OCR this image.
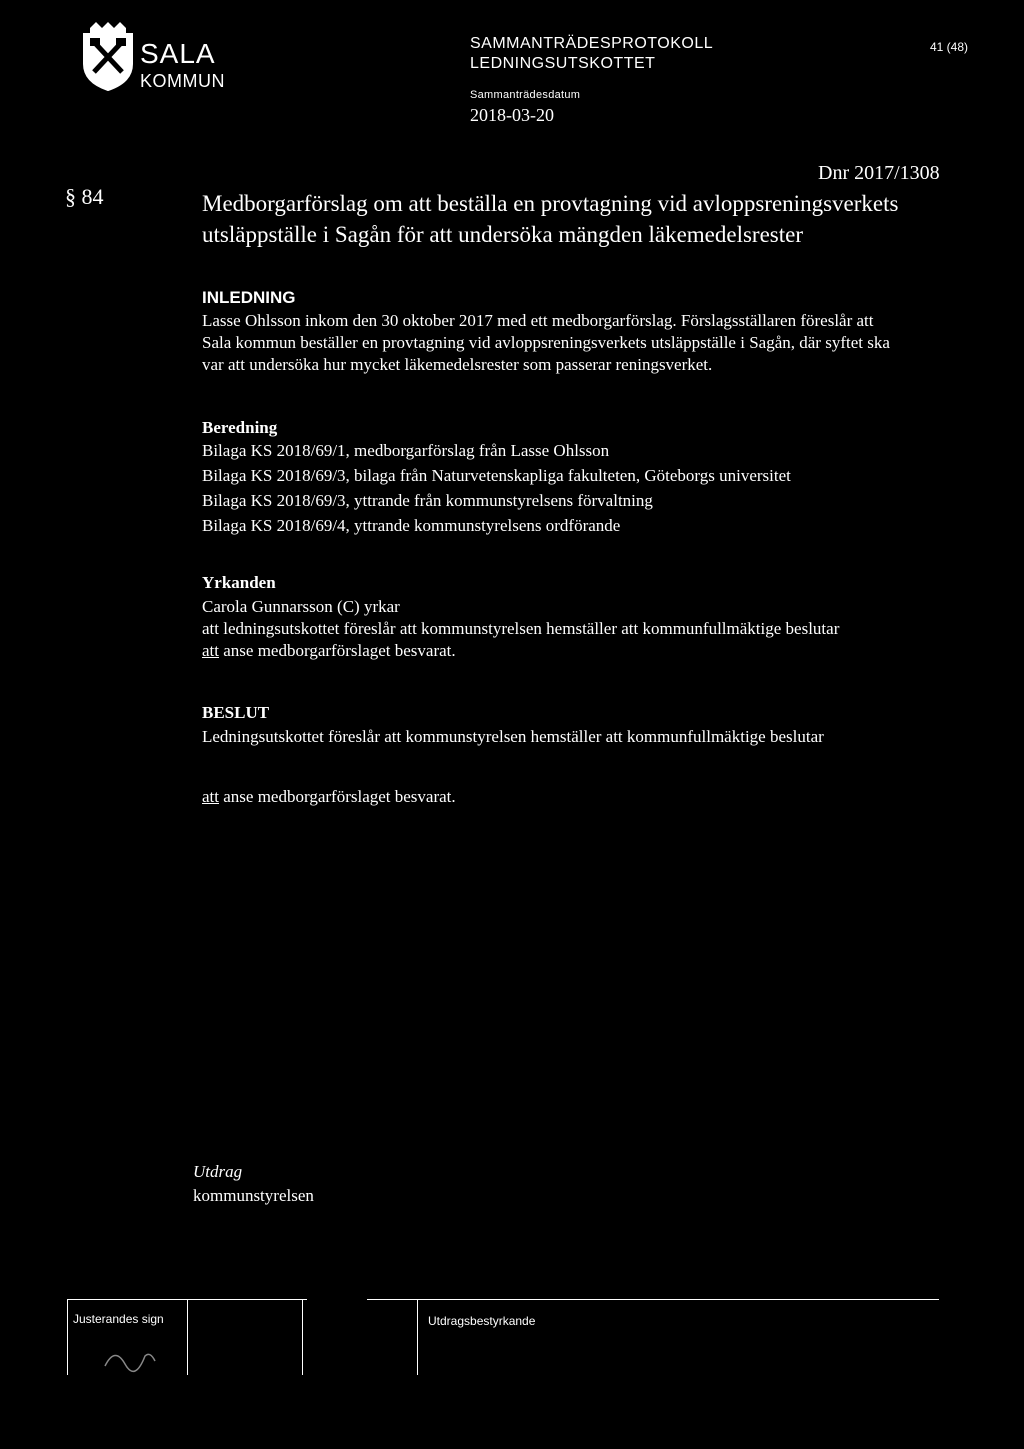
SALA
KOMMUN
SAMMANTRÄDESPROTOKOLL
LEDNINGSUTSKOTTET
Sammanträdesdatum
2018-03-20
41 (48)
Dnr 2017/1308
§ 84	Medborgarförslag om att beställa en provtagning vid avloppsreningsverkets utsläppställe i Sagån för att undersöka mängden läkemedelsrester
INLEDNING

Lasse Ohlsson inkom den 30 oktober 2017 med ett medborgarförslag. Förslagsställaren föreslår att Sala kommun beställer en provtagning vid avloppsreningsverkets utsläppställe i Sagån, där syftet ska var att undersöka hur mycket läkemedelsrester som passerar reningsverket.

Beredning

Bilaga KS 2018/69/1, medborgarförslag från Lasse Ohlsson

Bilaga KS 2018/69/3, bilaga från Naturvetenskapliga fakulteten, Göteborgs universitet

Bilaga KS 2018/69/3, yttrande från kommunstyrelsens förvaltning

Bilaga KS 2018/69/4, yttrande kommunstyrelsens ordförande

Yrkanden

Carola Gunnarsson (C) yrkar

att ledningsutskottet föreslår att kommunstyrelsen hemställer att kommunfullmäktige beslutar

att anse medborgarförslaget besvarat.

BESLUT

Ledningsutskottet föreslår att kommunstyrelsen hemställer att kommunfullmäktige beslutar

att anse medborgarförslaget besvarat.

Utdrag
kommunstyrelsen
Justerandes sign	Utdragsbestyrkande
